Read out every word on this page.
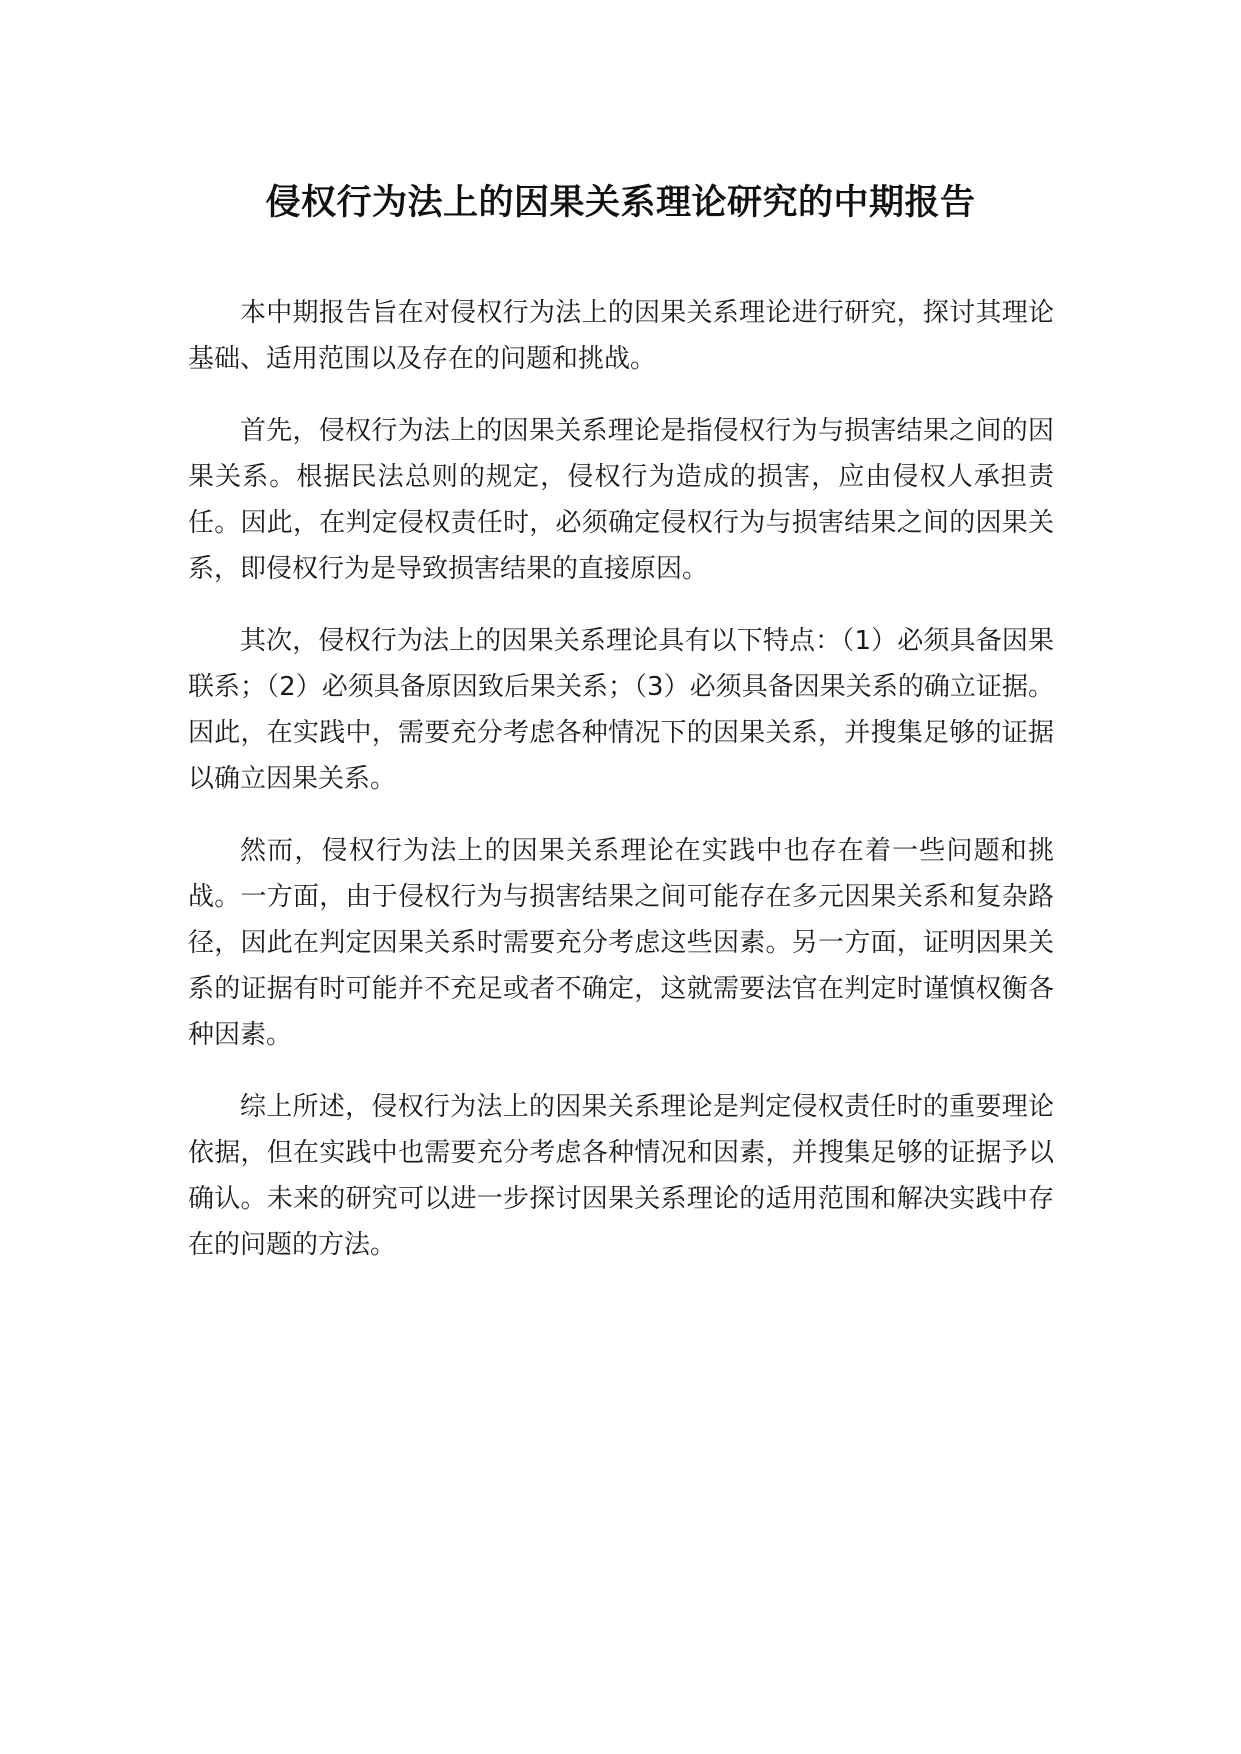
侵权行为法上的因果关系理论研究的中期报告

本中期报告旨在对侵权行为法上的因果关系理论进行研究，探讨其理论基础、适用范围以及存在的问题和挑战。

首先，侵权行为法上的因果关系理论是指侵权行为与损害结果之间的因果关系。根据民法总则的规定，侵权行为造成的损害，应由侵权人承担责任。因此，在判定侵权责任时，必须确定侵权行为与损害结果之间的因果关系，即侵权行为是导致损害结果的直接原因。

其次，侵权行为法上的因果关系理论具有以下特点：（1）必须具备因果联系；（2）必须具备原因致后果关系；（3）必须具备因果关系的确立证据。因此，在实践中，需要充分考虑各种情况下的因果关系，并搜集足够的证据以确立因果关系。

然而，侵权行为法上的因果关系理论在实践中也存在着一些问题和挑战。一方面，由于侵权行为与损害结果之间可能存在多元因果关系和复杂路径，因此在判定因果关系时需要充分考虑这些因素。另一方面，证明因果关系的证据有时可能并不充足或者不确定，这就需要法官在判定时谨慎权衡各种因素。

综上所述，侵权行为法上的因果关系理论是判定侵权责任时的重要理论依据，但在实践中也需要充分考虑各种情况和因素，并搜集足够的证据予以确认。未来的研究可以进一步探讨因果关系理论的适用范围和解决实践中存在的问题的方法。
